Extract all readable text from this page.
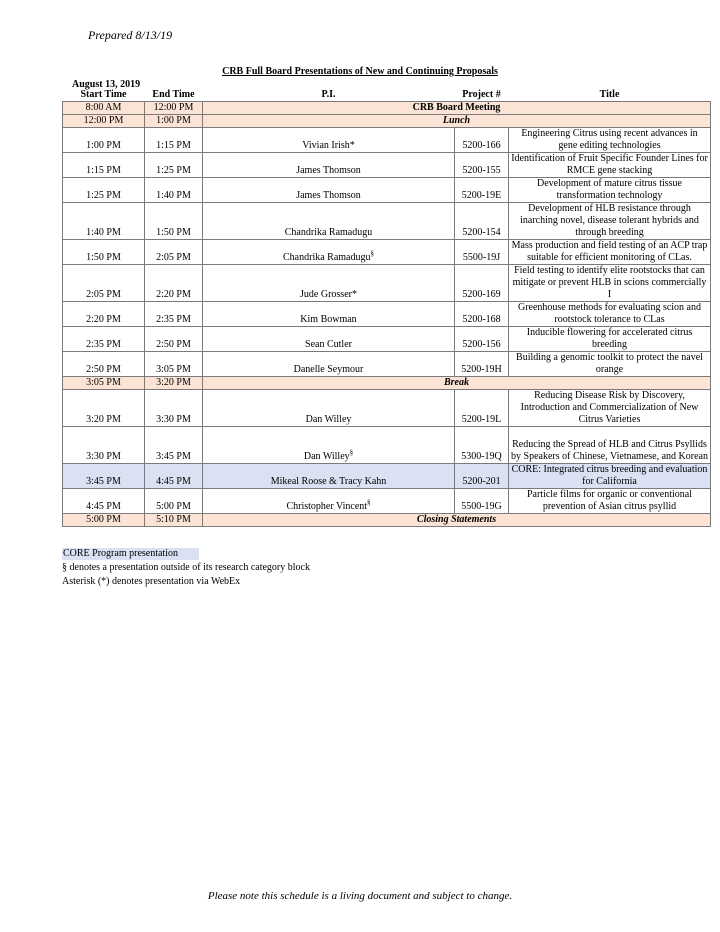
Prepared 8/13/19
CRB Full Board Presentations of New and Continuing Proposals
August 13, 2019
Start Time	End Time	P.I.	Project #	Title
8:00 AM	12:00 PM	CRB Board Meeting		
12:00 PM	1:00 PM	Lunch		
1:00 PM	1:15 PM	Vivian Irish*	5200-166	Engineering Citrus using recent advances in gene editing technologies
1:15 PM	1:25 PM	James Thomson	5200-155	Identification of Fruit Specific Founder Lines for RMCE gene stacking
1:25 PM	1:40 PM	James Thomson	5200-19E	Development of mature citrus tissue transformation technology
1:40 PM	1:50 PM	Chandrika Ramadugu	5200-154	Development of HLB resistance through inarching novel, disease tolerant hybrids and through breeding
1:50 PM	2:05 PM	Chandrika Ramadugu§	5500-19J	Mass production and field testing of an ACP trap suitable for efficient monitoring of CLas.
2:05 PM	2:20 PM	Jude Grosser*	5200-169	Field testing to identify elite rootstocks that can mitigate or prevent HLB in scions commercially I
2:20 PM	2:35 PM	Kim Bowman	5200-168	Greenhouse methods for evaluating scion and rootstock tolerance to CLas
2:35 PM	2:50 PM	Sean Cutler	5200-156	Inducible flowering for accelerated citrus breeding
2:50 PM	3:05 PM	Danelle Seymour	5200-19H	Building a genomic toolkit to protect the navel orange
3:05 PM	3:20 PM	Break		
3:20 PM	3:30 PM	Dan Willey	5200-19L	Reducing Disease Risk by Discovery, Introduction and Commercialization of New Citrus Varieties
3:30 PM	3:45 PM	Dan Willey§	5300-19Q	Reducing the Spread of HLB and Citrus Psyllids by Speakers of Chinese, Vietnamese, and Korean
3:45 PM	4:45 PM	Mikeal Roose & Tracy Kahn	5200-201	CORE: Integrated citrus breeding and evaluation for California
4:45 PM	5:00 PM	Christopher Vincent§	5500-19G	Particle films for organic or conventional prevention of Asian citrus psyllid
5:00 PM	5:10 PM	Closing Statements		
CORE Program presentation
§ denotes a presentation outside of its research category block
Asterisk (*) denotes presentation via WebEx
Please note this schedule is a living document and subject to change.
